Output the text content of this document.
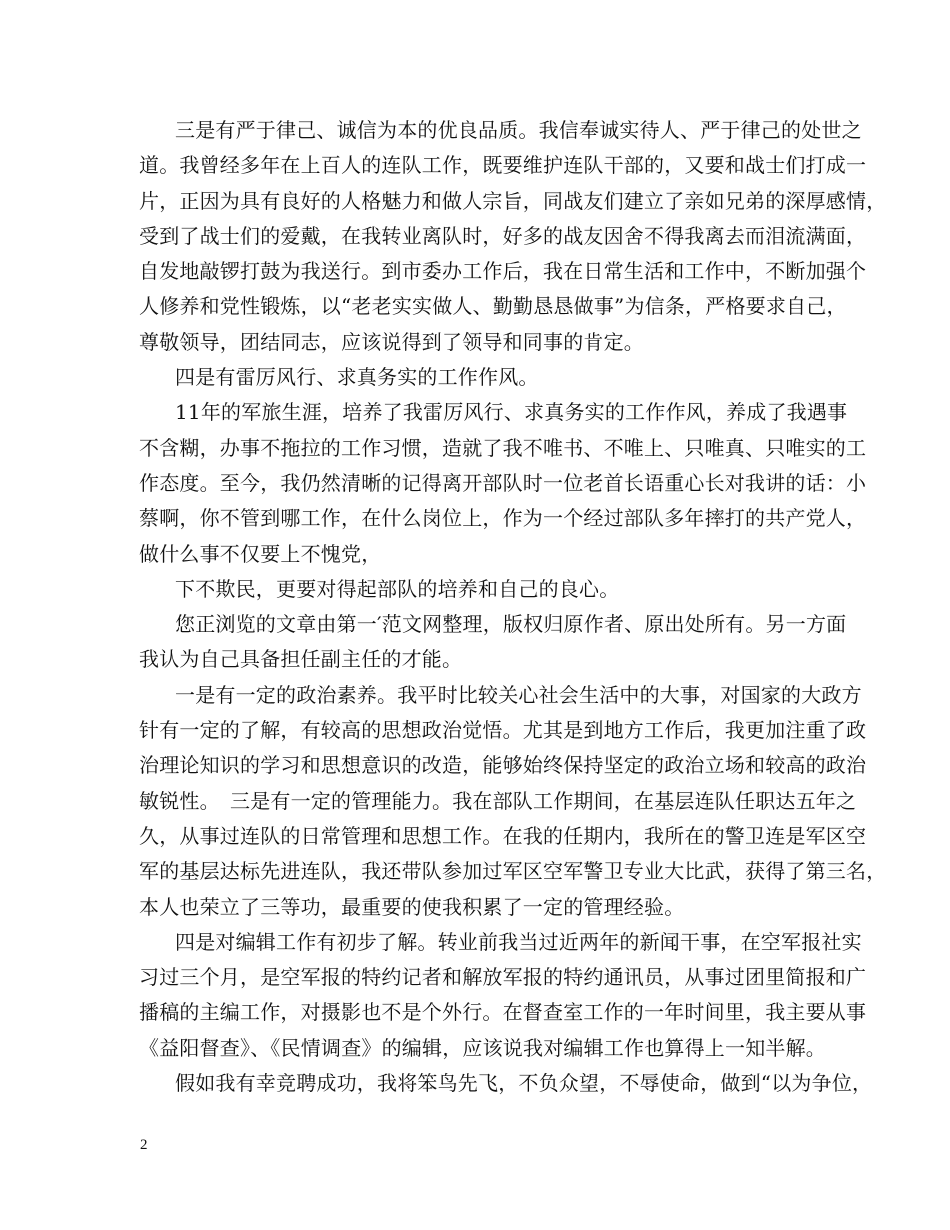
三是有严于律己、诚信为本的优良品质。我信奉诚实待人、严于律己的处世之
道。我曾经多年在上百人的连队工作，既要维护连队干部的，又要和战士们打成一
片，正因为具有良好的人格魅力和做人宗旨，同战友们建立了亲如兄弟的深厚感情，
受到了战士们的爱戴，在我转业离队时，好多的战友因舍不得我离去而泪流满面，
自发地敲锣打鼓为我送行。到市委办工作后，我在日常生活和工作中，不断加强个
人修养和党性锻炼，以“老老实实做人、勤勤恳恳做事”为信条，严格要求自己，
尊敬领导，团结同志，应该说得到了领导和同事的肯定。
四是有雷厉风行、求真务实的工作作风。
11年的军旅生涯，培养了我雷厉风行、求真务实的工作作风，养成了我遇事
不含糊，办事不拖拉的工作习惯，造就了我不唯书、不唯上、只唯真、只唯实的工
作态度。至今，我仍然清晰的记得离开部队时一位老首长语重心长对我讲的话：小
蔡啊，你不管到哪工作，在什么岗位上，作为一个经过部队多年摔打的共产党人，
做什么事不仅要上不愧党，
下不欺民，更要对得起部队的培养和自己的良心。
您正浏览的文章由第一′范文网整理，版权归原作者、原出处所有。另一方面
我认为自己具备担任副主任的才能。
一是有一定的政治素养。我平时比较关心社会生活中的大事，对国家的大政方
针有一定的了解，有较高的思想政治觉悟。尤其是到地方工作后，我更加注重了政
治理论知识的学习和思想意识的改造，能够始终保持坚定的政治立场和较高的政治
敏锐性。　三是有一定的管理能力。我在部队工作期间，在基层连队任职达五年之
久，从事过连队的日常管理和思想工作。在我的任期内，我所在的警卫连是军区空
军的基层达标先进连队，我还带队参加过军区空军警卫专业大比武，获得了第三名，
本人也荣立了三等功，最重要的使我积累了一定的管理经验。
四是对编辑工作有初步了解。转业前我当过近两年的新闻干事，在空军报社实
习过三个月，是空军报的特约记者和解放军报的特约通讯员，从事过团里简报和广
播稿的主编工作，对摄影也不是个外行。在督查室工作的一年时间里，我主要从事
《益阳督查》、《民情调查》的编辑，应该说我对编辑工作也算得上一知半解。
假如我有幸竞聘成功，我将笨鸟先飞，不负众望，不辱使命，做到“以为争位，
2
